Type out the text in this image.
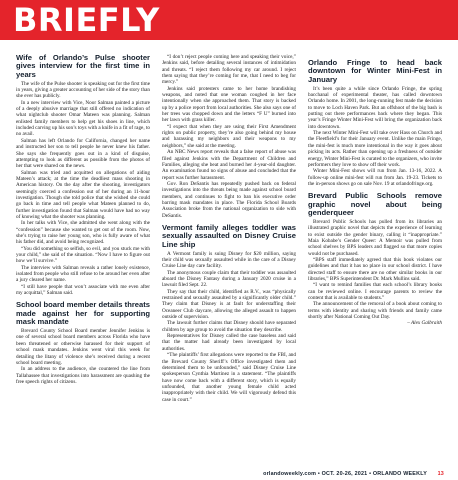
BRIEFLY
Wife of Orlando’s Pulse shooter gives interview for the first time in years

The wife of the Pulse shooter is speaking out for the first time in years, giving a greater accounting of her side of the story than she ever has publicly.

In a new interview with Vice, Noor Salman painted a picture of a deeply abusive marriage that still offered no indication of what nightclub shooter Omar Mateen was planning. Salman enlisted family members to help get his shoes in line, which included carving up his son’s toys with a knife in a fit of rage, to no avail.

Salman has left Orlando for California, changed her name and instructed her son to tell people he never knew his father. She says she frequently goes out in a kind of disguise, attempting to look as different as possible from the photos of her that were shared on the news.

Salman was tried and acquitted on allegations of aiding Mateen’s attack; at the time the deadliest mass shooting in American history. On the day after the shooting, investigators seemingly coerced a confession out of her during an 11-hour investigation. Though she told police that she wished she could go back in time and tell people what Mateen planned to do, further investigation found that Salman would have had no way of knowing what the shooter was planning.

In her talks with Vice, she admitted she went along with the “confession” because she wanted to get out of the room. Now, she’s trying to raise her young son, who is fully aware of what his father did, and avoid being recognized.

“You did something so selfish, so evil, and you stuck me with your child,” she said of the situation. “Now I have to figure out how we’ll survive.”

The interview with Salman reveals a rather lonely existence, isolated from people who still refuse to be around her even after a jury cleared her name.

“I still have people that won’t associate with me even after my acquittal,” Salman said.

School board member details threats made against her for supporting mask mandate

Brevard County School Board member Jennifer Jenkins is one of several school board members across Florida who have been threatened or otherwise harassed for their support of school mask mandates. Jenkins went viral this week for detailing the litany of violence she’s received during a recent school board meeting.

In an address to the audience, she countered the line from Tallahassee that investigations into harassment are quashing the free speech rights of citizens.

“I don’t reject people coming here and speaking their voice,” Jenkins said, before detailing several instances of intimidation and threats. “I reject them following my car around. I reject them saying that they’re coming for me, that I need to beg for mercy.”

Jenkins said protesters came to her home brandishing weapons, and noted that one woman coughed in her face intentionally when she approached them. That story is backed up by a police report from local authorities. She also says one of her trees was chopped down and the letters “F U” burned into her lawn with grass killer.

“I expect that when they are using their First Amendment rights on public property, they’re also going behind my house and harassing my neighbors and their weapons to my neighbors,” she said at the meeting.

An NBC News report reveals that a false report of abuse was filed against Jenkins with the Department of Children and Families, alleging she beat and burned her 4-year-old daughter. An examination found no signs of abuse and concluded that the report was further harassment.

Gov. Ron DeSantis has repeatedly pushed back on federal investigations into the threats being made against school board members, and continues to fight to ban his executive order barring mask mandates in place. The Florida School Boards Association broke from the national organization to side with DeSantis.

Vermont family alleges toddler was sexually assaulted on Disney Cruise Line ship

A Vermont family is suing Disney for $20 million, saying their child was sexually assaulted while in the care of a Disney Cruise Line day care facility.

The anonymous couple claim that their toddler was assaulted aboard the Disney Fantasy during a January 2020 cruise in a lawsuit filed Sept. 22.

They say that their child, identified as R.V., was “physically restrained and sexually assaulted by a significantly older child.” They claim that Disney is at fault for understaffing their Oceaneer Club daycare, allowing the alleged assault to happen outside of supervision.

The lawsuit further claims that Disney should have separated children by age group to avoid the situation they describe.

Representatives for Disney called the case baseless and said that the matter had already been investigated by local authorities.

“The plaintiffs’ first allegations were reported to the FBI, and the Brevard County Sheriff’s Office investigated them and determined them to be unfounded,” said Disney Cruise Line spokesperson Cynthia Martinez in a statement. “The plaintiffs have now come back with a different story, which is equally unfounded, that another young female child acted inappropriately with their child. We will vigorously defend this case in court.”

Orlando Fringe to head back downtown for Winter Mini-Fest in January

It’s been quite a while since Orlando Fringe, the spring bacchanal of experimental theater, has called downtown Orlando home. In 2001, the long-running fest made the decision to move to Loch Haven Park. But an offshoot of the big bash is putting out there performances back where they began. This year’s Fringe Winter Mini-Fest will bring the organization back into downtown.

The next Winter Mini-Fest will take over Hass on Church and the Fleetfield’s for their January event. Unlike the main Fringe, the mini-fest is much more intentional in the way it goes about picking its acts. Rather than opening up a freshness of outsider energy, Winter Mini-Fest is curated to the organizers, who invite performers they love to show off their work.

Winter Mini-Fest shows will run from Jan. 13-16, 2022. A follow-up online mini-fest will run from Jan. 19-23. Tickets to the in-person shows go on sale Nov. 19 at orlandofringe.org.

Brevard Public Schools remove graphic novel about being genderqueer

Brevard Public Schools has pulled from its libraries an illustrated graphic novel that depicts the experience of learning to exist outside the gender binary, calling it “inappropriate.” Maia Kobabe’s Gender Queer: A Memoir was pulled from school shelves by BPS leaders and flagged so that more copies would not be purchased.

“BPS staff immediately agreed that this book violates our guidelines and that it has no place in our school district. I have directed staff to ensure there are no other similar books in our libraries,” BPS Superintendent Dr. Mark Mullins said.

“I want to remind families that each school’s library books can be reviewed online. I encourage parents to review the content that is available to students.”

The announcement of the removal of a book about coming to terms with identity and sharing with friends and family came shortly after National Coming Out Day.

– Alex Galbraith

orlandoweekly.com • OCT. 20-26, 2021 • ORLANDO WEEKLY 13
